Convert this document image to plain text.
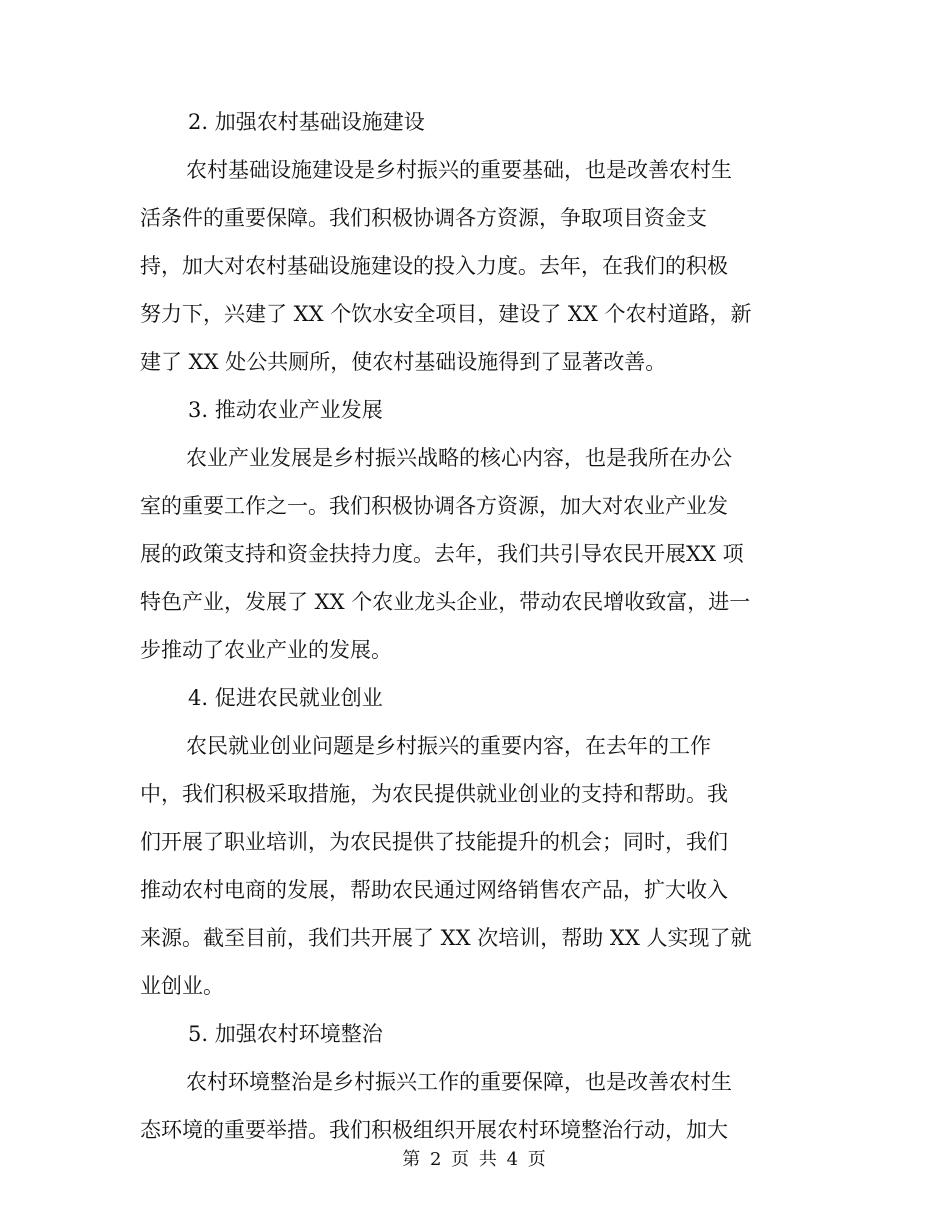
2. 加强农村基础设施建设
农村基础设施建设是乡村振兴的重要基础，也是改善农村生
活条件的重要保障。我们积极协调各方资源，争取项目资金支
持，加大对农村基础设施建设的投入力度。去年，在我们的积极
努力下，兴建了 XX 个饮水安全项目，建设了 XX 个农村道路，新
建了 XX 处公共厕所，使农村基础设施得到了显著改善。
3. 推动农业产业发展
农业产业发展是乡村振兴战略的核心内容，也是我所在办公
室的重要工作之一。我们积极协调各方资源，加大对农业产业发
展的政策支持和资金扶持力度。去年，我们共引导农民开展XX 项
特色产业，发展了 XX 个农业龙头企业，带动农民增收致富，进一
步推动了农业产业的发展。
4. 促进农民就业创业
农民就业创业问题是乡村振兴的重要内容，在去年的工作
中，我们积极采取措施，为农民提供就业创业的支持和帮助。我
们开展了职业培训，为农民提供了技能提升的机会；同时，我们
推动农村电商的发展，帮助农民通过网络销售农产品，扩大收入
来源。截至目前，我们共开展了 XX 次培训，帮助 XX 人实现了就
业创业。
5. 加强农村环境整治
农村环境整治是乡村振兴工作的重要保障，也是改善农村生
态环境的重要举措。我们积极组织开展农村环境整治行动，加大
第 2 页 共 4 页
